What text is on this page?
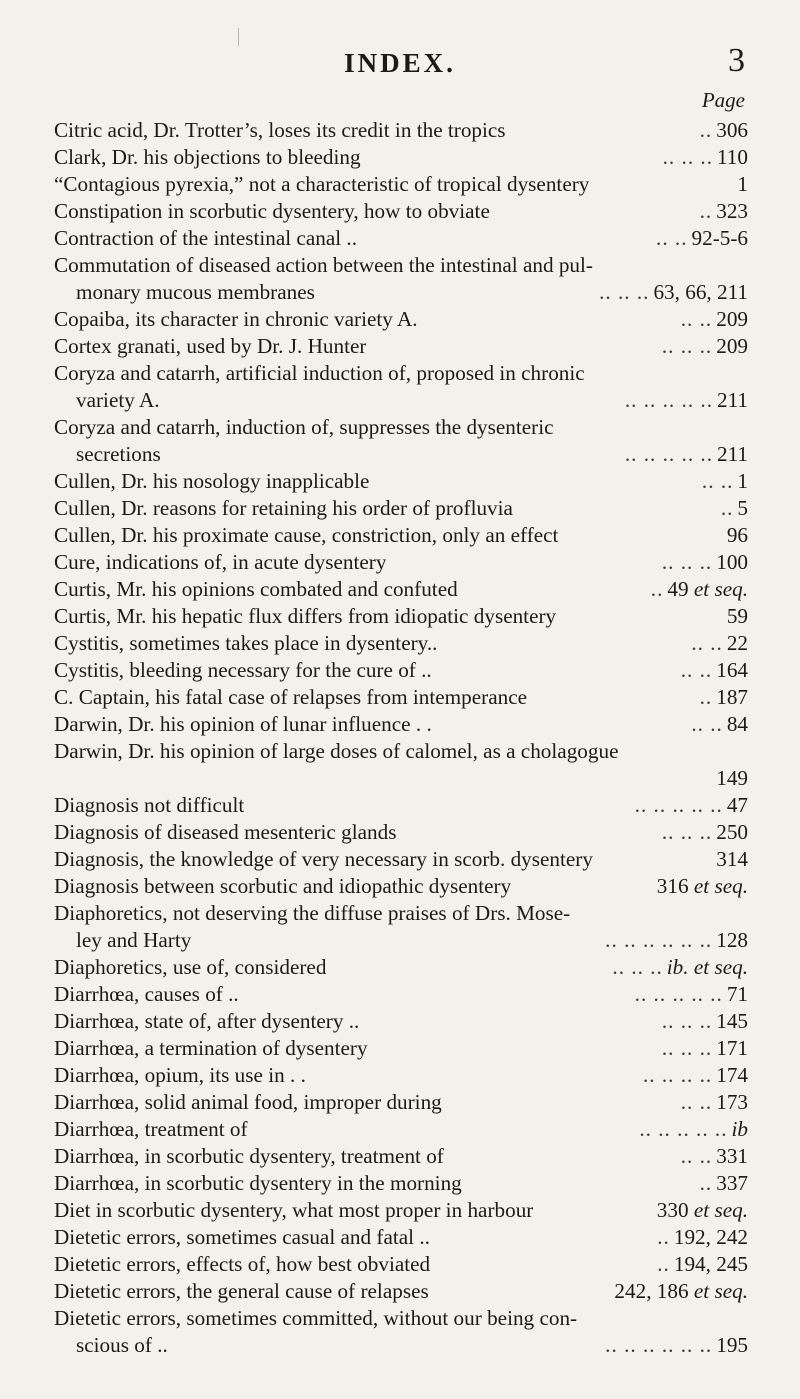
INDEX.	3
Page
Citric acid, Dr. Trotter’s, loses its credit in the tropics	.. 306
Clark, Dr. his objections to bleeding	.. .. .. 110
“Contagious pyrexia,” not a characteristic of tropical dysentery	1
Constipation in scorbutic dysentery, how to obviate	.. 323
Contraction of the intestinal canal ..	.. .. 92-5-6
Commutation of diseased action between the intestinal and pul-
monary mucous membranes	.. .. .. 63, 66, 211
Copaiba, its character in chronic variety A.	.. .. 209
Cortex granati, used by Dr. J. Hunter	.. .. .. 209
Coryza and catarrh, artificial induction of, proposed in chronic
variety A.	.. .. .. .. .. 211
Coryza and catarrh, induction of, suppresses the dysenteric
secretions	.. .. .. .. .. 211
Cullen, Dr. his nosology inapplicable	.. .. 1
Cullen, Dr. reasons for retaining his order of profluvia	.. 5
Cullen, Dr. his proximate cause, constriction, only an effect	96
Cure, indications of, in acute dysentery	.. .. .. 100
Curtis, Mr. his opinions combated and confuted	.. 49 et seq.
Curtis, Mr. his hepatic flux differs from idiopatic dysentery	59
Cystitis, sometimes takes place in dysentery..	.. .. 22
Cystitis, bleeding necessary for the cure of ..	.. .. 164
C. Captain, his fatal case of relapses from intemperance	.. 187
Darwin, Dr. his opinion of lunar influence . .	.. .. 84
Darwin, Dr. his opinion of large doses of calomel, as a cholagogue
149
Diagnosis not difficult	.. .. .. .. .. 47
Diagnosis of diseased mesenteric glands	.. .. .. 250
Diagnosis, the knowledge of very necessary in scorb. dysentery	314
Diagnosis between scorbutic and idiopathic dysentery	316 et seq.
Diaphoretics, not deserving the diffuse praises of Drs. Mose-
ley and Harty	.. .. .. .. .. .. 128
Diaphoretics, use of, considered	.. .. .. ib. et seq.
Diarrhœa, causes of ..	.. .. .. .. .. 71
Diarrhœa, state of, after dysentery ..	.. .. .. 145
Diarrhœa, a termination of dysentery	.. .. .. 171
Diarrhœa, opium, its use in . .	.. .. .. .. 174
Diarrhœa, solid animal food, improper during	.. .. 173
Diarrhœa, treatment of	.. .. .. .. .. ib
Diarrhœa, in scorbutic dysentery, treatment of	.. .. 331
Diarrhœa, in scorbutic dysentery in the morning	.. 337
Diet in scorbutic dysentery, what most proper in harbour	330 et seq.
Dietetic errors, sometimes casual and fatal ..	.. 192, 242
Dietetic errors, effects of, how best obviated	.. 194, 245
Dietetic errors, the general cause of relapses	242, 186 et seq.
Dietetic errors, sometimes committed, without our being con-
scious of ..	.. .. .. .. .. .. 195
